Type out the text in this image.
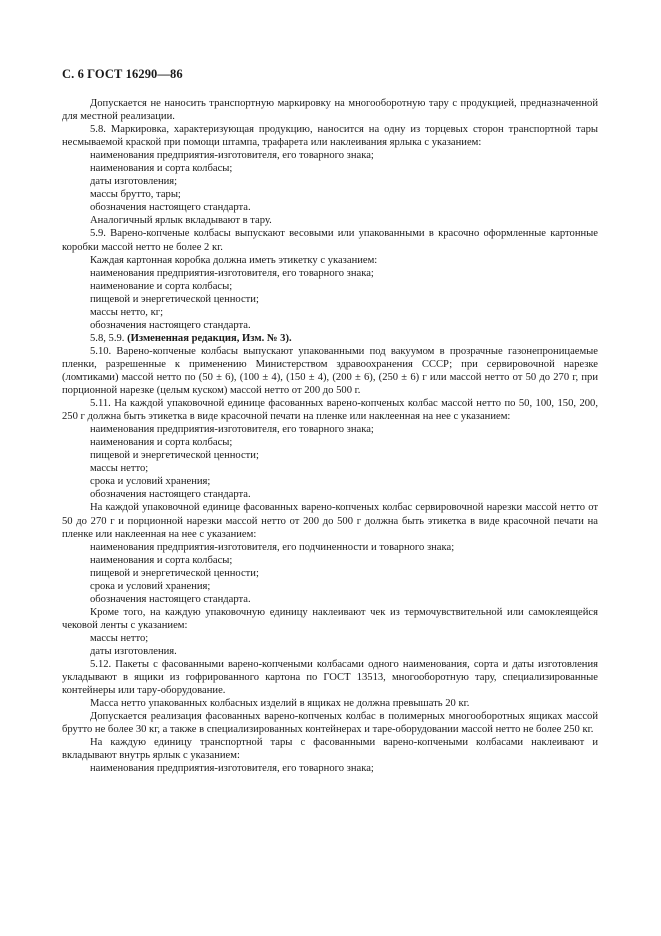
С. 6 ГОСТ 16290—86

Допускается не наносить транспортную маркировку на многооборотную тару с продукцией, предназначенной для местной реализации.

5.8. Маркировка, характеризующая продукцию, наносится на одну из торцевых сторон транспортной тары несмываемой краской при помощи штампа, трафарета или наклеивания ярлыка с указанием:

наименования предприятия-изготовителя, его товарного знака;

наименования и сорта колбасы;

даты изготовления;

массы брутто, тары;

обозначения настоящего стандарта.

Аналогичный ярлык вкладывают в тару.

5.9. Варено-копченые колбасы выпускают весовыми или упакованными в красочно оформленные картонные коробки массой нетто не более 2 кг.

Каждая картонная коробка должна иметь этикетку с указанием:

наименования предприятия-изготовителя, его товарного знака;

наименование и сорта колбасы;

пищевой и энергетической ценности;

массы нетто, кг;

обозначения настоящего стандарта.

5.8, 5.9. (Измененная редакция, Изм. № 3).

5.10. Варено-копченые колбасы выпускают упакованными под вакуумом в прозрачные газонепроницаемые пленки, разрешенные к применению Министерством здравоохранения СССР; при сервировочной нарезке (ломтиками) массой нетто по (50 ± 6), (100 ± 4), (150 ± 4), (200 ± 6), (250 ± 6) г или массой нетто от 50 до 270 г, при порционной нарезке (целым куском) массой нетто от 200 до 500 г.

5.11. На каждой упаковочной единице фасованных варено-копченых колбас массой нетто по 50, 100, 150, 200, 250 г должна быть этикетка в виде красочной печати на пленке или наклеенная на нее с указанием:

наименования предприятия-изготовителя, его товарного знака;

наименования и сорта колбасы;

пищевой и энергетической ценности;

массы нетто;

срока и условий хранения;

обозначения настоящего стандарта.

На каждой упаковочной единице фасованных варено-копченых колбас сервировочной нарезки массой нетто от 50 до 270 г и порционной нарезки массой нетто от 200 до 500 г должна быть этикетка в виде красочной печати на пленке или наклеенная на нее с указанием:

наименования предприятия-изготовителя, его подчиненности и товарного знака;

наименования и сорта колбасы;

пищевой и энергетической ценности;

срока и условий хранения;

обозначения настоящего стандарта.

Кроме того, на каждую упаковочную единицу наклеивают чек из термочувствительной или самоклеящейся чековой ленты с указанием:

массы нетто;

даты изготовления.

5.12. Пакеты с фасованными варено-копчеными колбасами одного наименования, сорта и даты изготовления укладывают в ящики из гофрированного картона по ГОСТ 13513, многооборотную тару, специализированные контейнеры или тару-оборудование.

Масса нетто упакованных колбасных изделий в ящиках не должна превышать 20 кг.

Допускается реализация фасованных варено-копченых колбас в полимерных многооборотных ящиках массой брутто не более 30 кг, а также в специализированных контейнерах и таре-оборудовании массой нетто не более 250 кг.

На каждую единицу транспортной тары с фасованными варено-копчеными колбасами наклеивают и вкладывают внутрь ярлык с указанием:

наименования предприятия-изготовителя, его товарного знака;
